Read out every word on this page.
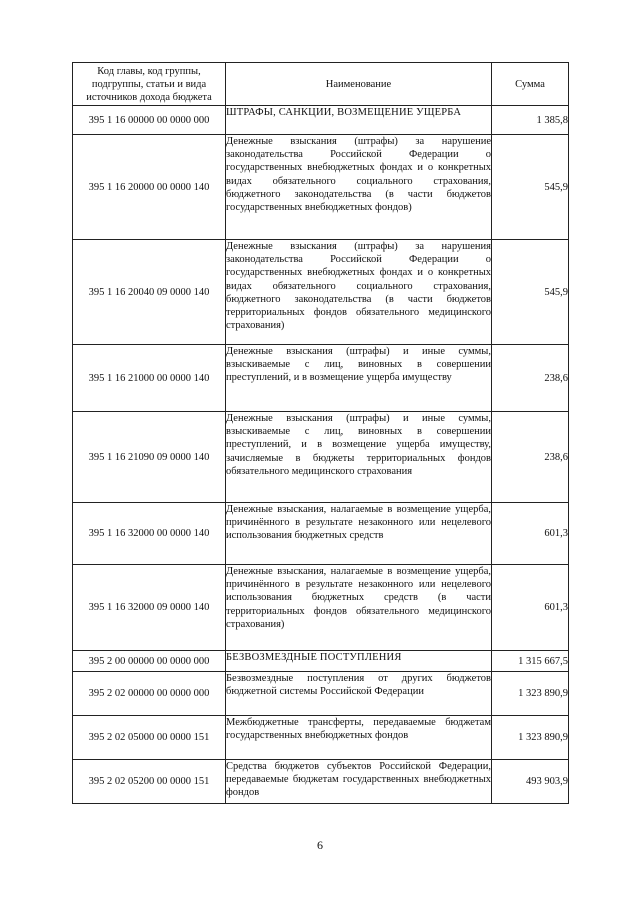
Код главы, код группы, подгруппы, статьи и вида источников дохода бюджета	Наименование	Сумма
395 1 16 00000 00 0000 000	ШТРАФЫ, САНКЦИИ, ВОЗМЕЩЕНИЕ УЩЕРБА	1 385,8
395 1 16 20000 00 0000 140	Денежные взыскания (штрафы) за нарушение законодательства Российской Федерации о государственных внебюджетных фондах и о конкретных видах обязательного социального страхования, бюджетного законодательства (в части бюджетов государственных внебюджетных фондов)	545,9
395 1 16 20040 09 0000 140	Денежные взыскания (штрафы) за нарушения законодательства Российской Федерации о государственных внебюджетных фондах и о конкретных видах обязательного социального страхования, бюджетного законодательства (в части бюджетов территориальных фондов обязательного медицинского страхования)	545,9
395 1 16 21000 00 0000 140	Денежные взыскания (штрафы) и иные суммы, взыскиваемые с лиц, виновных в совершении преступлений, и в возмещение ущерба имуществу	238,6
395 1 16 21090 09 0000 140	Денежные взыскания (штрафы) и иные суммы, взыскиваемые с лиц, виновных в совершении преступлений, и в возмещение ущерба имуществу, зачисляемые в бюджеты территориальных фондов обязательного медицинского страхования	238,6
395 1 16 32000 00 0000 140	Денежные взыскания, налагаемые в возмещение ущерба, причинённого в результате незаконного или нецелевого использования бюджетных средств	601,3
395 1 16 32000 09 0000 140	Денежные взыскания, налагаемые в возмещение ущерба, причинённого в результате незаконного или нецелевого использования бюджетных средств (в части территориальных фондов обязательного медицинского страхования)	601,3
395 2 00 00000 00 0000 000	БЕЗВОЗМЕЗДНЫЕ ПОСТУПЛЕНИЯ	1 315 667,5
395 2 02 00000 00 0000 000	Безвозмездные поступления от других бюджетов бюджетной системы Российской Федерации	1 323 890,9
395 2 02 05000 00 0000 151	Межбюджетные трансферты, передаваемые бюджетам государственных внебюджетных фондов	1 323 890,9
395 2 02 05200 00 0000 151	Средства бюджетов субъектов Российской Федерации, передаваемые бюджетам государственных внебюджетных фондов	493 903,9
6
